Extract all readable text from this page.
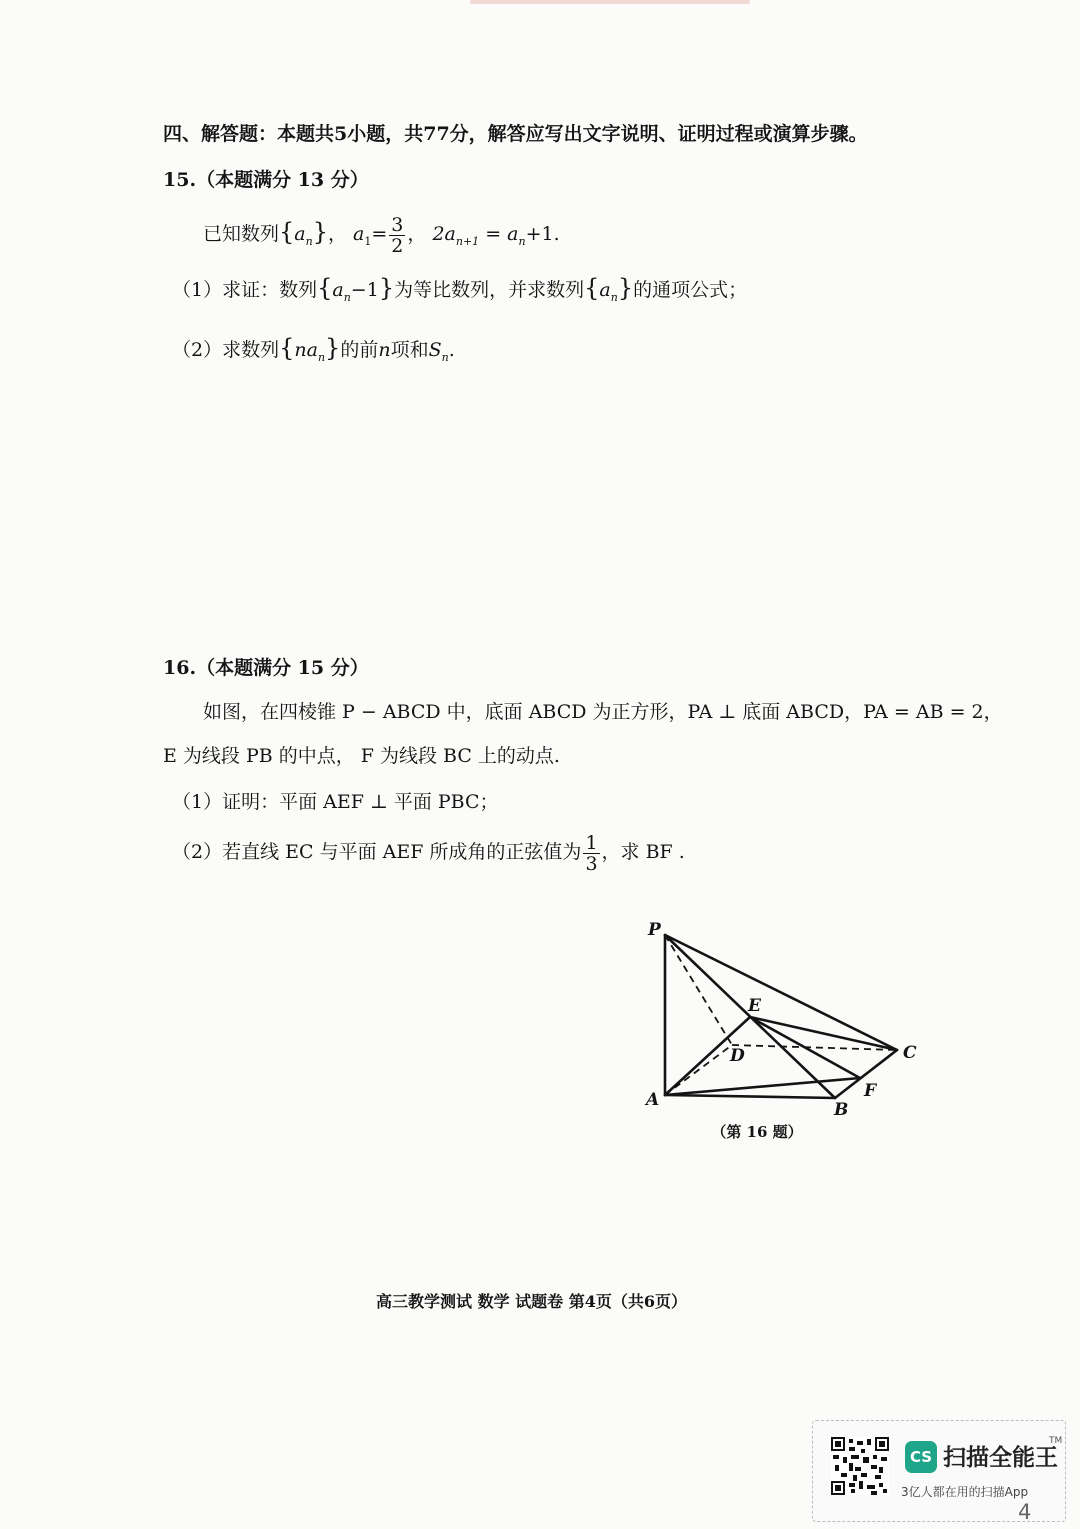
四、解答题：本题共5小题，共77分，解答应写出文字说明、证明过程或演算步骤。
15.（本题满分 13 分）
已知数列$\{a_n\}$， $a_1= \frac{3}{2}$ ， $2a_{n+1} = a_n+1$.
（1）求证：数列$\{a_n-1\}$为等比数列，并求数列$\{a_n\}$的通项公式；
（2）求数列$\{na_n\}$的前n项和$S_n$.
16.（本题满分 15 分）
如图，在四棱锥 P − ABCD 中，底面 ABCD 为正方形，PA ⊥ 底面 ABCD，PA = AB = 2，
E 为线段 PB 的中点， F 为线段 BC 上的动点.
（1）证明：平面 AEF ⊥ 平面 PBC；
（2）若直线 EC 与平面 AEF 所成角的正弦值为 $\frac{1}{3}$ ，求 BF .
P
E
D	C
F
A	B
（第 16 题）
高三教学测试 数学 试题卷 第4页（共6页）
CS 扫描全能王
TM
3亿人都在用的扫描App
4
